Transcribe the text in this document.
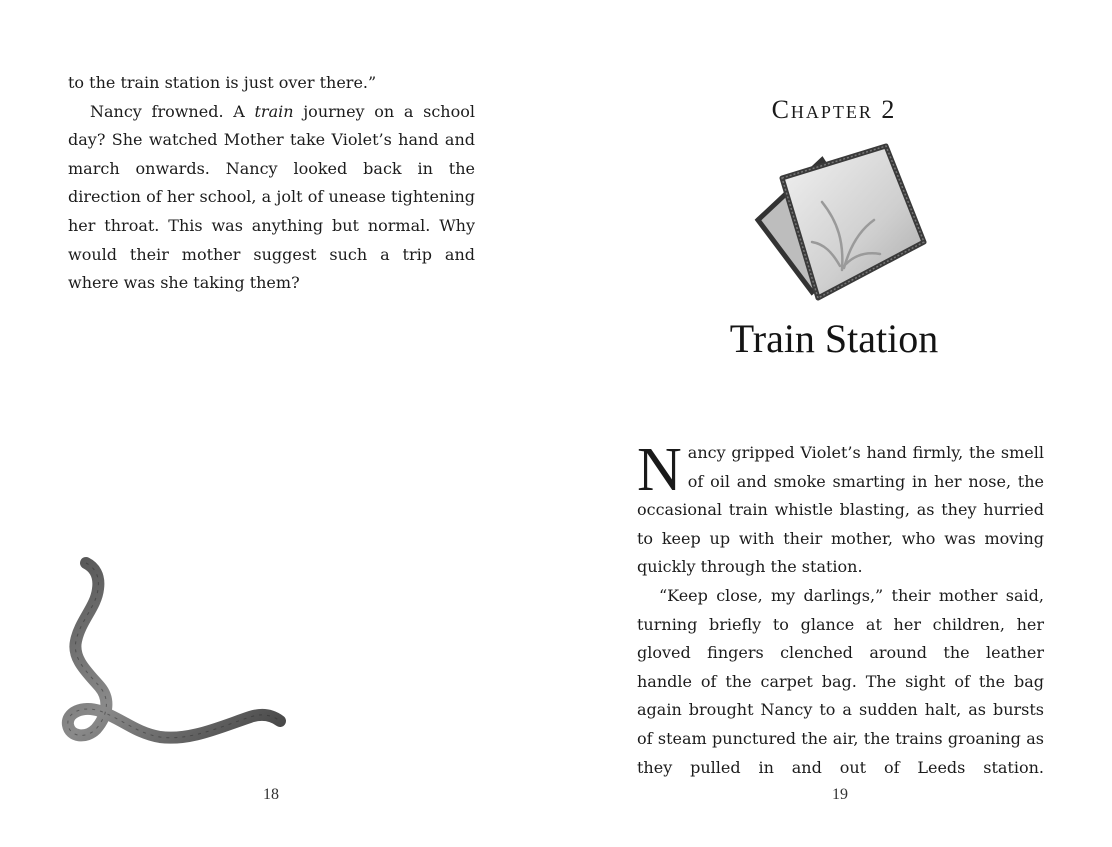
to the train station is just over there.”

Nancy frowned. A train journey on a school day? She watched Mother take Violet’s hand and march onwards. Nancy looked back in the direction of her school, a jolt of unease tightening her throat. This was anything but normal. Why would their mother suggest such a trip and where was she taking them?

18
Chapter 2
Train Station

Nancy gripped Violet’s hand firmly, the smell of oil and smoke smarting in her nose, the occasional train whistle blasting, as they hurried to keep up with their mother, who was moving quickly through the station.

“Keep close, my darlings,” their mother said, turning briefly to glance at her children, her gloved fingers clenched around the leather handle of the carpet bag. The sight of the bag again brought Nancy to a sudden halt, as bursts of steam punctured the air, the trains groaning as they pulled in and out of Leeds station.

19
